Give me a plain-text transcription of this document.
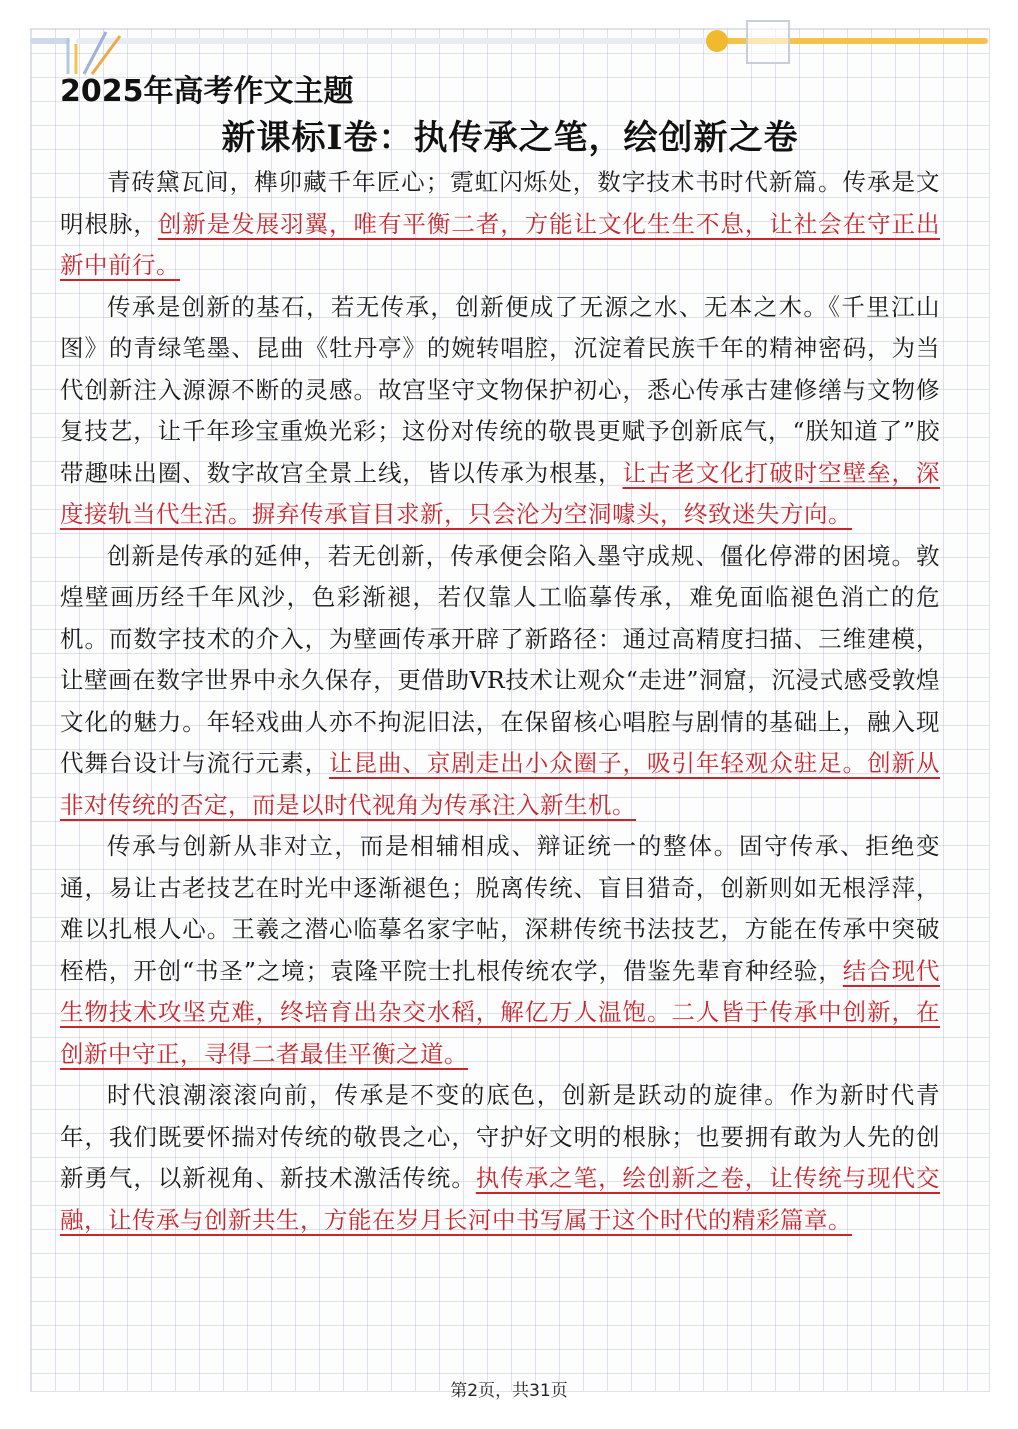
2025年高考作文主题
新课标I卷：执传承之笔，绘创新之卷

青砖黛瓦间，榫卯藏千年匠心；霓虹闪烁处，数字技术书时代新篇。传承是文明根脉，创新是发展羽翼，唯有平衡二者，方能让文化生生不息，让社会在守正出新中前行。

传承是创新的基石，若无传承，创新便成了无源之水、无本之木。《千里江山图》的青绿笔墨、昆曲《牡丹亭》的婉转唱腔，沉淀着民族千年的精神密码，为当代创新注入源源不断的灵感。故宫坚守文物保护初心，悉心传承古建修缮与文物修复技艺，让千年珍宝重焕光彩；这份对传统的敬畏更赋予创新底气，“朕知道了”胶带趣味出圈、数字故宫全景上线，皆以传承为根基，让古老文化打破时空壁垒，深度接轨当代生活。摒弃传承盲目求新，只会沦为空洞噱头，终致迷失方向。

创新是传承的延伸，若无创新，传承便会陷入墨守成规、僵化停滞的困境。敦煌壁画历经千年风沙，色彩渐褪，若仅靠人工临摹传承，难免面临褪色消亡的危机。而数字技术的介入，为壁画传承开辟了新路径：通过高精度扫描、三维建模，让壁画在数字世界中永久保存，更借助VR技术让观众“走进”洞窟，沉浸式感受敦煌文化的魅力。年轻戏曲人亦不拘泥旧法，在保留核心唱腔与剧情的基础上，融入现代舞台设计与流行元素，让昆曲、京剧走出小众圈子，吸引年轻观众驻足。创新从非对传统的否定，而是以时代视角为传承注入新生机。

传承与创新从非对立，而是相辅相成、辩证统一的整体。固守传承、拒绝变通，易让古老技艺在时光中逐渐褪色；脱离传统、盲目猎奇，创新则如无根浮萍，难以扎根人心。王羲之潜心临摹名家字帖，深耕传统书法技艺，方能在传承中突破桎梏，开创“书圣”之境；袁隆平院士扎根传统农学，借鉴先辈育种经验，结合现代生物技术攻坚克难，终培育出杂交水稻，解亿万人温饱。二人皆于传承中创新，在创新中守正，寻得二者最佳平衡之道。

时代浪潮滚滚向前，传承是不变的底色，创新是跃动的旋律。作为新时代青年，我们既要怀揣对传统的敬畏之心，守护好文明的根脉；也要拥有敢为人先的创新勇气，以新视角、新技术激活传统。执传承之笔，绘创新之卷，让传统与现代交融，让传承与创新共生，方能在岁月长河中书写属于这个时代的精彩篇章。

第2页，共31页
